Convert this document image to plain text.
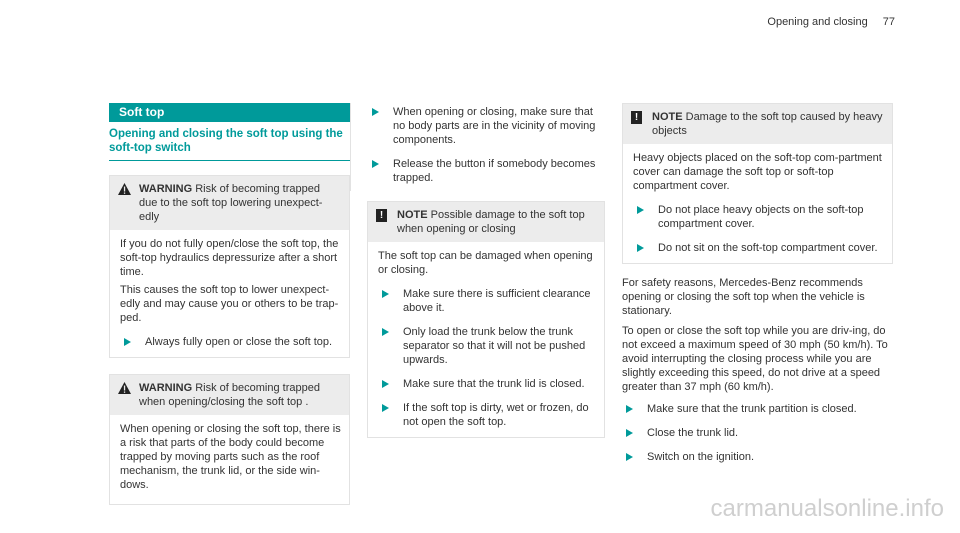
Opening and closing 77
Soft top
Opening and closing the soft top using the soft-top switch
WARNING Risk of becoming trapped due to the soft top lowering unexpect-edly

If you do not fully open/close the soft top, the soft-top hydraulics depressurize after a short time.

This causes the soft top to lower unexpect-edly and may cause you or others to be trap-ped.

Always fully open or close the soft top.
WARNING Risk of becoming trapped when opening/closing the soft top .

When opening or closing the soft top, there is a risk that parts of the body could become trapped by moving parts such as the roof mechanism, the trunk lid, or the side win-dows.

When opening or closing, make sure that no body parts are in the vicinity of moving components.
Release the button if somebody becomes trapped.
!	NOTE Possible damage to the soft top when opening or closing

The soft top can be damaged when opening or closing.

Make sure there is sufficient clearance above it.
Only load the trunk below the trunk separator so that it will not be pushed upwards.
Make sure that the trunk lid is closed.
If the soft top is dirty, wet or frozen, do not open the soft top.
!	NOTE Damage to the soft top caused by heavy objects

Heavy objects placed on the soft-top com-partment cover can damage the soft top or soft-top compartment cover.

Do not place heavy objects on the soft-top compartment cover.
Do not sit on the soft-top compartment cover.

For safety reasons, Mercedes-Benz recommends opening or closing the soft top when the vehicle is stationary.

To open or close the soft top while you are driv-ing, do not exceed a maximum speed of 30 mph (50 km/h). To avoid interrupting the closing process while you are slightly exceeding this speed, do not drive at a speed greater than 37 mph (60 km/h).

Make sure that the trunk partition is closed.
Close the trunk lid.
Switch on the ignition.
carmanualsonline.info
